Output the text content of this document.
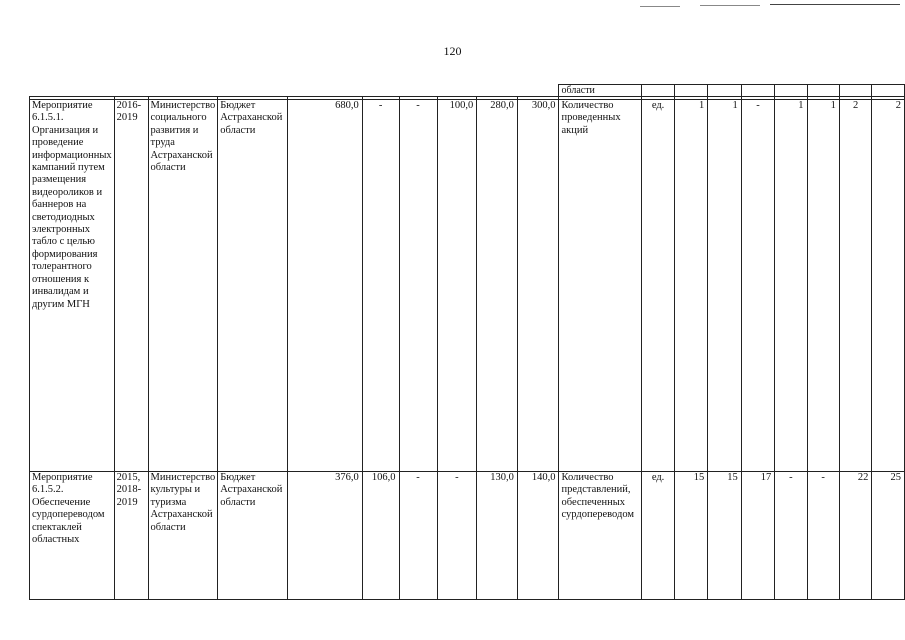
120
										области								

Мероприятие 6.1.5.1. Организация и проведение информационных кампаний путем размещения видеороликов и баннеров на светодиодных электронных табло с целью формирования толерантного отношения к инвалидам и другим МГН	2016-2019	Министерство социального развития и труда Астраханской области	Бюджет Астраханской области	680,0	-	-	100,0	280,0	300,0	Количество проведенных акций	ед.	1	1	-	1	1	2	2
Мероприятие 6.1.5.2. Обеспечение сурдопереводом спектаклей областных	2015, 2018-2019	Министерство культуры и туризма Астраханской области	Бюджет Астраханской области	376,0	106,0	-	-	130,0	140,0	Количество представлений, обеспеченных сурдопереводом	ед.	15	15	17	-	-	22	25
